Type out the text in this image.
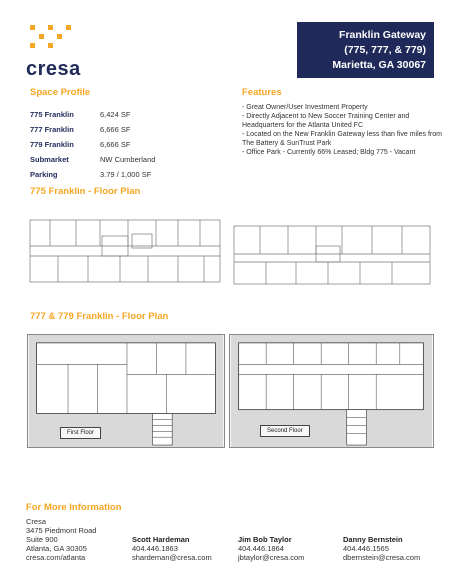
cresa
Franklin Gateway
(775, 777, & 779)
Marietta, GA 30067
Space Profile
775 Franklin	6,424 SF
777 Franklin	6,666 SF
779 Franklin	6,666 SF
Submarket	NW Cumberland
Parking	3.79 / 1,000 SF
Features
- Great Owner/User Investment Property
- Directly Adjacent to New Soccer Training Center and Headquarters for the Atlanta United FC
- Located on the New Franklin Gateway less than five miles from The Battery & SunTrust Park
- Office Park - Currently 66% Leased; Bldg 775 - Vacant
775 Franklin - Floor Plan
777 & 779 Franklin - Floor Plan
First Floor	Second Floor
For More Information
Cresa
3475 Piedmont Road
Suite 900
Atlanta, GA 30305
cresa.com/atlanta
Scott Hardeman
404.446.1863
shardeman@cresa.com
Jim Bob Taylor
404.446.1864
jbtaylor@cresa.com
Danny Bernstein
404.446.1565
dbernstein@cresa.com
